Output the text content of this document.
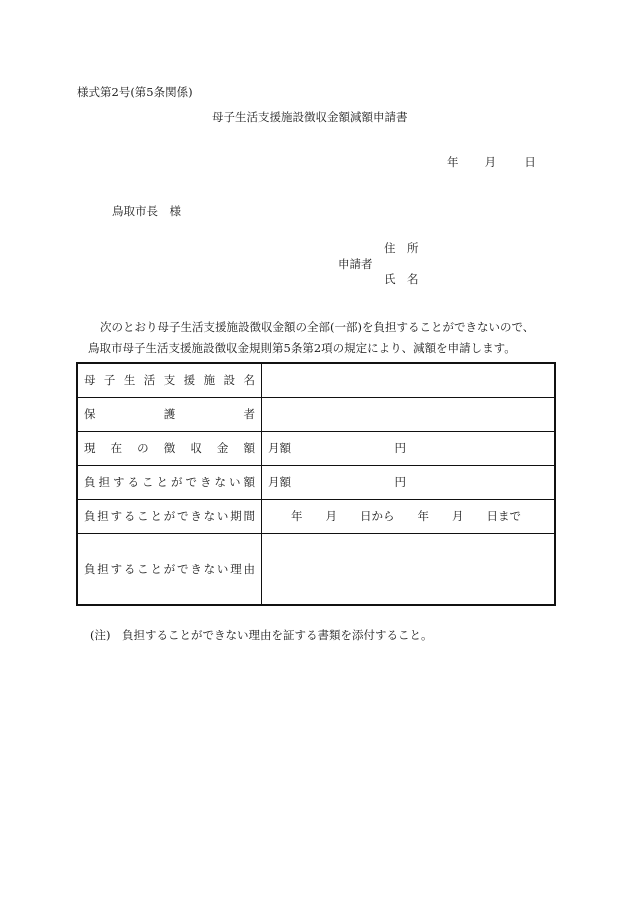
様式第2号(第5条関係)
母子生活支援施設徴収金額減額申請書
年 月 日
鳥取市長　様
住　所
申請者
氏　名
次のとおり母子生活支援施設徴収金額の全部(一部)を負担することができないので、
鳥取市母子生活支援施設徴収金規則第5条第2項の規定により、減額を申請します。
母子生活支援施設名	
保護者	
現在の徴収金額	月額　　　　　　　　　円
負担することができない額	月額　　　　　　　　　円
負担することができない期間	　　年　　月　　日から　　年　　月　　日まで
負担することができない理由	
(注)　負担することができない理由を証する書類を添付すること。
